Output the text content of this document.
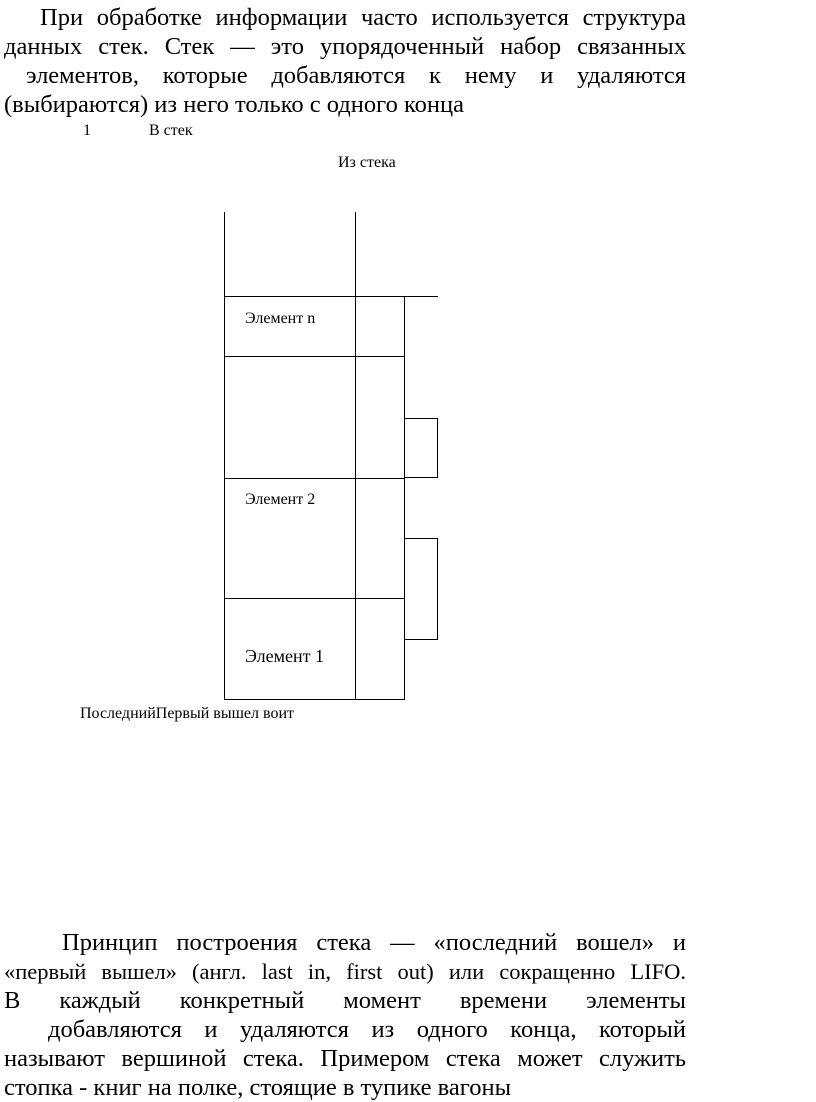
При обработке информации часто используется структура
данных стек. Стек — это упорядоченный набор связанных
элементов, которые добавляются к нему и удаляются
(выбираются) из него только с одного конца
1	В стек
Из стека
Элемент n
Элемент 2
Элемент 1
ПоследнийПервый вышел воит
Принцип построения стека — «последний вошел» и
«первый вышел» (англ. last in, first out) или сокращенно LIFO.
В каждый конкретный момент времени элементы
добавляются и удаляются из одного конца, который
называют вершиной стека. Примером стека может служить
стопка - книг на полке, стоящие в тупике вагоны
